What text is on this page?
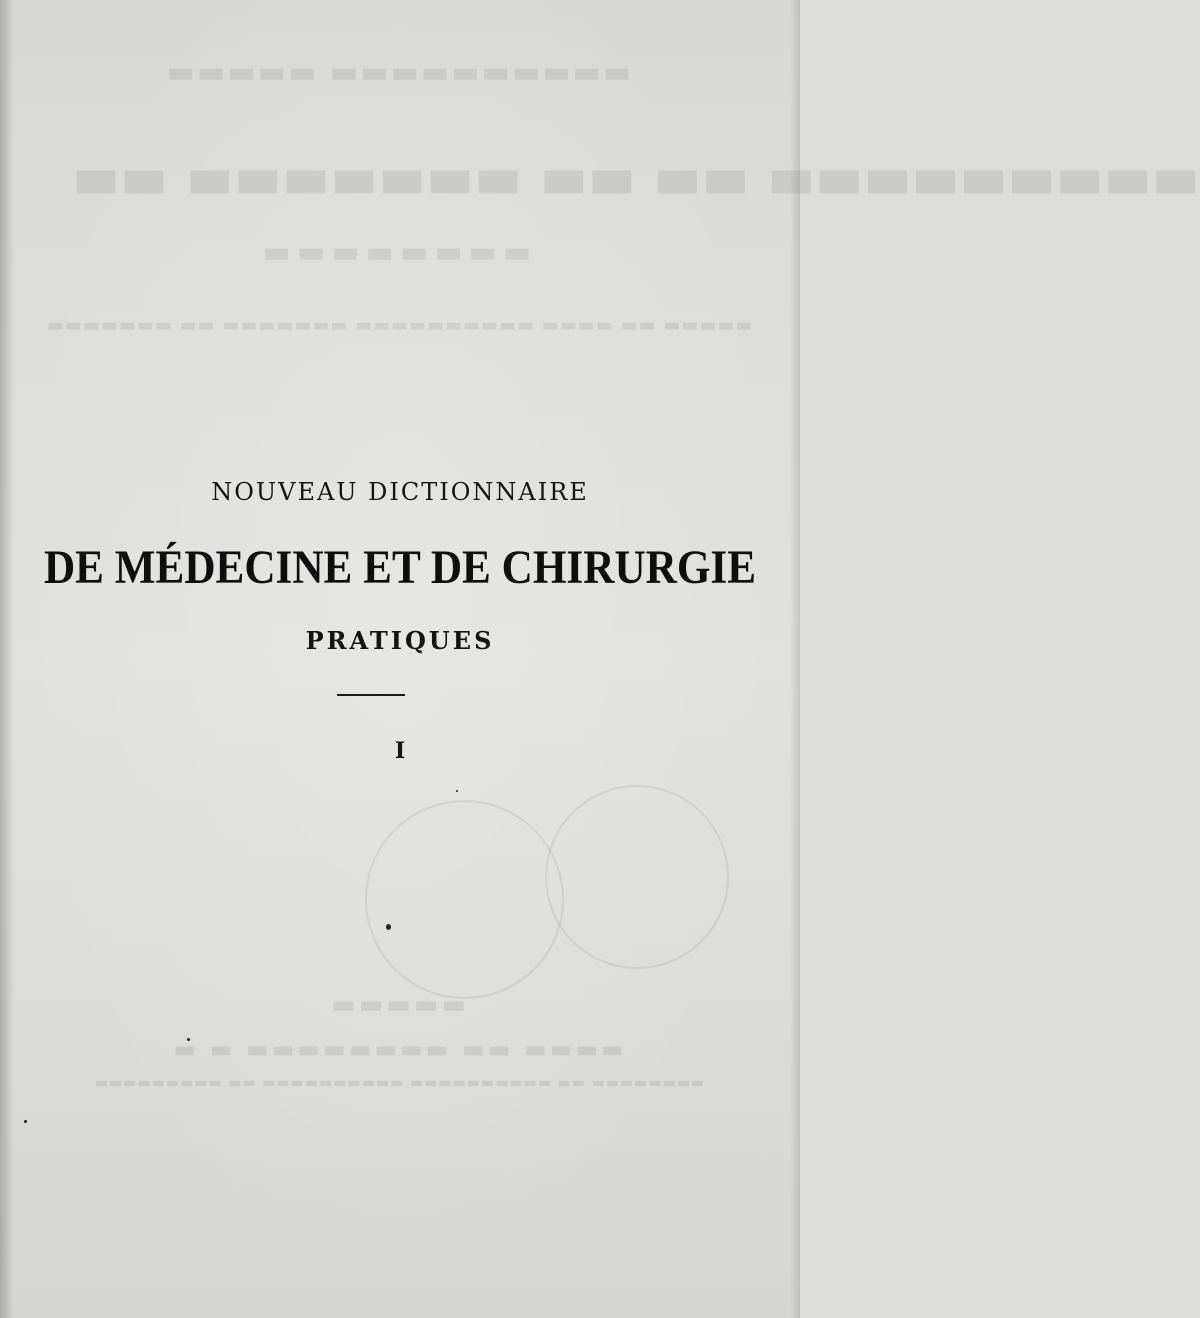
▬▬▬▬▬ ▬▬▬▬▬▬▬▬▬▬
▬▬ ▬▬▬▬▬▬▬ ▬▬ ▬▬ ▬▬▬▬▬▬▬▬▬
▬▬▬▬▬▬▬▬
▬▬▬▬▬▬▬ ▬▬ ▬▬▬▬▬▬▬ ▬▬▬▬▬▬▬▬▬▬ ▬▬▬▬ ▬▬ ▬▬▬▬▬
▬▬▬▬▬
▬ ▬ ▬▬▬▬▬▬▬▬ ▬▬ ▬▬▬▬
▬▬▬▬▬▬▬▬▬ ▬▬ ▬▬▬▬▬▬▬▬▬▬ ▬▬▬▬▬▬▬▬▬▬ ▬▬ ▬▬▬▬▬▬▬▬
NOUVEAU DICTIONNAIRE
DE MÉDECINE ET DE CHIRURGIE
PRATIQUES
I
